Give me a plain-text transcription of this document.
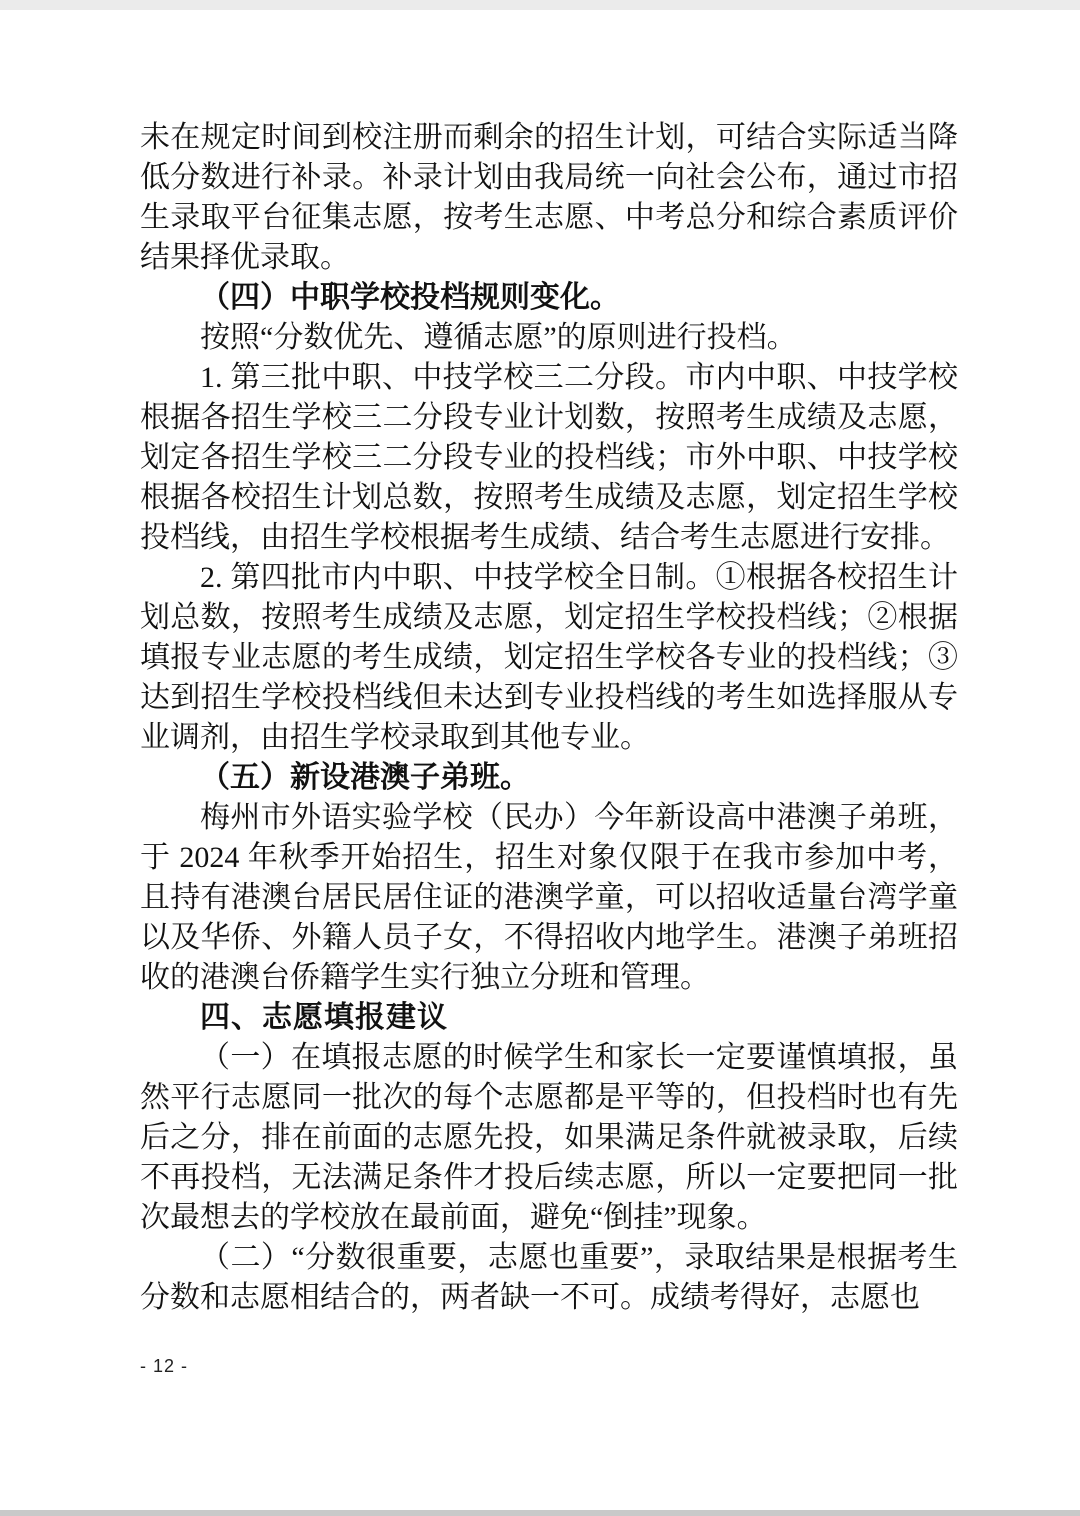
未在规定时间到校注册而剩余的招生计划，可结合实际适当降低分数进行补录。补录计划由我局统一向社会公布，通过市招生录取平台征集志愿，按考生志愿、中考总分和综合素质评价结果择优录取。

（四）中职学校投档规则变化。

按照“分数优先、遵循志愿”的原则进行投档。

1. 第三批中职、中技学校三二分段。市内中职、中技学校根据各招生学校三二分段专业计划数，按照考生成绩及志愿，划定各招生学校三二分段专业的投档线；市外中职、中技学校根据各校招生计划总数，按照考生成绩及志愿，划定招生学校投档线，由招生学校根据考生成绩、结合考生志愿进行安排。

2. 第四批市内中职、中技学校全日制。①根据各校招生计划总数，按照考生成绩及志愿，划定招生学校投档线；②根据填报专业志愿的考生成绩，划定招生学校各专业的投档线；③达到招生学校投档线但未达到专业投档线的考生如选择服从专业调剂，由招生学校录取到其他专业。

（五）新设港澳子弟班。

梅州市外语实验学校（民办）今年新设高中港澳子弟班，于 2024 年秋季开始招生，招生对象仅限于在我市参加中考，且持有港澳台居民居住证的港澳学童，可以招收适量台湾学童以及华侨、外籍人员子女，不得招收内地学生。港澳子弟班招收的港澳台侨籍学生实行独立分班和管理。

四、志愿填报建议

（一）在填报志愿的时候学生和家长一定要谨慎填报，虽然平行志愿同一批次的每个志愿都是平等的，但投档时也有先后之分，排在前面的志愿先投，如果满足条件就被录取，后续不再投档，无法满足条件才投后续志愿，所以一定要把同一批次最想去的学校放在最前面，避免“倒挂”现象。

（二）“分数很重要，志愿也重要”，录取结果是根据考生分数和志愿相结合的，两者缺一不可。成绩考得好，志愿也

- 12 -
